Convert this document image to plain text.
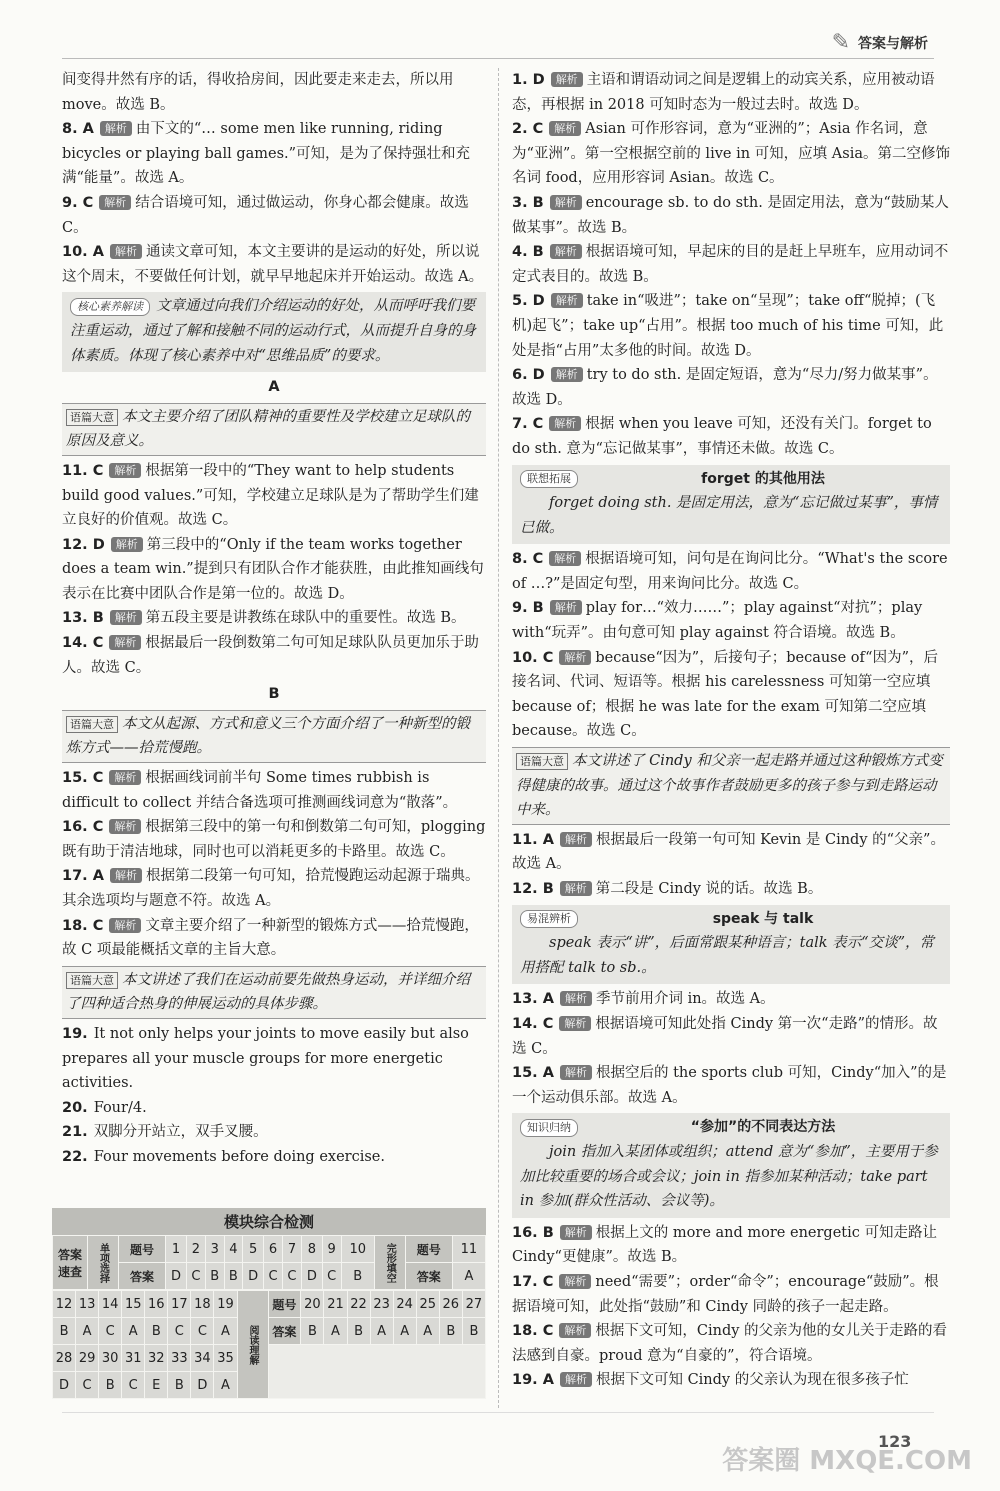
✎ 答案与解析

间变得井然有序的话，得收拾房间，因此要走来走去，所以用move。故选 B。

8. A 解析 由下文的“… some men like running, riding bicycles or playing ball games.”可知，是为了保持强壮和充满“能量”。故选 A。

9. C 解析 结合语境可知，通过做运动，你身心都会健康。故选 C。

10. A 解析 通读文章可知，本文主要讲的是运动的好处，所以说这个周末，不要做任何计划，就早早地起床并开始运动。故选 A。

核心素养解读 文章通过向我们介绍运动的好处，从而呼吁我们要注重运动，通过了解和接触不同的运动行式，从而提升自身的身体素质。体现了核心素养中对“思维品质”的要求。
A
语篇大意 本文主要介绍了团队精神的重要性及学校建立足球队的原因及意义。

11. C 解析 根据第一段中的“They want to help students build good values.”可知，学校建立足球队是为了帮助学生们建立良好的价值观。故选 C。

12. D 解析 第三段中的“Only if the team works together does a team win.”提到只有团队合作才能获胜，由此推知画线句表示在比赛中团队合作是第一位的。故选 D。

13. B 解析 第五段主要是讲教练在球队中的重要性。故选 B。

14. C 解析 根据最后一段倒数第二句可知足球队队员更加乐于助人。故选 C。

B
语篇大意 本文从起源、方式和意义三个方面介绍了一种新型的锻炼方式——拾荒慢跑。

15. C 解析 根据画线词前半句 Some times rubbish is difficult to collect 并结合备选项可推测画线词意为“散落”。

16. C 解析 根据第三段中的第一句和倒数第二句可知，plogging 既有助于清洁地球，同时也可以消耗更多的卡路里。故选 C。

17. A 解析 根据第二段第一句可知，拾荒慢跑运动起源于瑞典。其余选项均与题意不符。故选 A。

18. C 解析 文章主要介绍了一种新型的锻炼方式——拾荒慢跑，故 C 项最能概括文章的主旨大意。

语篇大意 本文讲述了我们在运动前要先做热身运动，并详细介绍了四种适合热身的伸展运动的具体步骤。

19. It not only helps your joints to move easily but also prepares all your muscle groups for more energetic activities.

20. Four/4.

21. 双脚分开站立，双手叉腰。

22. Four movements before doing exercise.

模块综合检测
答案速查	单项选择	题号	1	2	3	4	5	6	7	8	9	10	完形填空	题号	11
		答案	D	C	B	B	D	C	C	D	C	B		答案	A
12	13	14	15	16	17	18	19	阅读理解	题号	20	21	22	23	24	25	26	27
B	A	C	A	B	C	C	A		答案	B	A	B	A	A	A	B	B
28	29	30	31	32	33	34	35										
D	C	B	C	E	B	D	A										

1. D 解析 主语和谓语动词之间是逻辑上的动宾关系，应用被动语态，再根据 in 2018 可知时态为一般过去时。故选 D。

2. C 解析 Asian 可作形容词，意为“亚洲的”；Asia 作名词，意为“亚洲”。第一空根据空前的 live in 可知，应填 Asia。第二空修饰名词 food，应用形容词 Asian。故选 C。

3. B 解析 encourage sb. to do sth. 是固定用法，意为“鼓励某人做某事”。故选 B。

4. B 解析 根据语境可知，早起床的目的是赶上早班车，应用动词不定式表目的。故选 B。

5. D 解析 take in“吸进”；take on“呈现”；take off“脱掉；(飞机)起飞”；take up“占用”。根据 too much of his time 可知，此处是指“占用”太多他的时间。故选 D。

6. D 解析 try to do sth. 是固定短语，意为“尽力/努力做某事”。故选 D。

7. C 解析 根据 when you leave 可知，还没有关门。forget to do sth. 意为“忘记做某事”，事情还未做。故选 C。

联想拓展	forget 的其他用法
forget doing sth. 是固定用法，意为“忘记做过某事”，事情已做。

8. C 解析 根据语境可知，问句是在询问比分。“What's the score of …?”是固定句型，用来询问比分。故选 C。

9. B 解析 play for…“效力……”；play against“对抗”；play with“玩弄”。由句意可知 play against 符合语境。故选 B。

10. C 解析 because“因为”，后接句子；because of“因为”，后接名词、代词、短语等。根据 his carelessness 可知第一空应填 because of；根据 he was late for the exam 可知第二空应填 because。故选 C。

语篇大意 本文讲述了 Cindy 和父亲一起走路并通过这种锻炼方式变得健康的故事。通过这个故事作者鼓励更多的孩子参与到走路运动中来。

11. A 解析 根据最后一段第一句可知 Kevin 是 Cindy 的“父亲”。故选 A。

12. B 解析 第二段是 Cindy 说的话。故选 B。

易混辨析	speak 与 talk
speak 表示“讲”，后面常跟某种语言；talk 表示“交谈”，常用搭配 talk to sb.。

13. A 解析 季节前用介词 in。故选 A。

14. C 解析 根据语境可知此处指 Cindy 第一次“走路”的情形。故选 C。

15. A 解析 根据空后的 the sports club 可知，Cindy“加入”的是一个运动俱乐部。故选 A。

知识归纳	“参加”的不同表达方法
join 指加入某团体或组织；attend 意为“参加”，主要用于参加比较重要的场合或会议；join in 指参加某种活动；take part in 参加(群众性活动、会议等)。

16. B 解析 根据上文的 more and more energetic 可知走路让 Cindy“更健康”。故选 B。

17. C 解析 need“需要”；order“命令”；encourage“鼓励”。根据语境可知，此处指“鼓励”和 Cindy 同龄的孩子一起走路。

18. C 解析 根据下文可知，Cindy 的父亲为他的女儿关于走路的看法感到自豪。proud 意为“自豪的”，符合语境。

19. A 解析 根据下文可知 Cindy 的父亲认为现在很多孩子忙

123
答案圈 MXQE.COM
